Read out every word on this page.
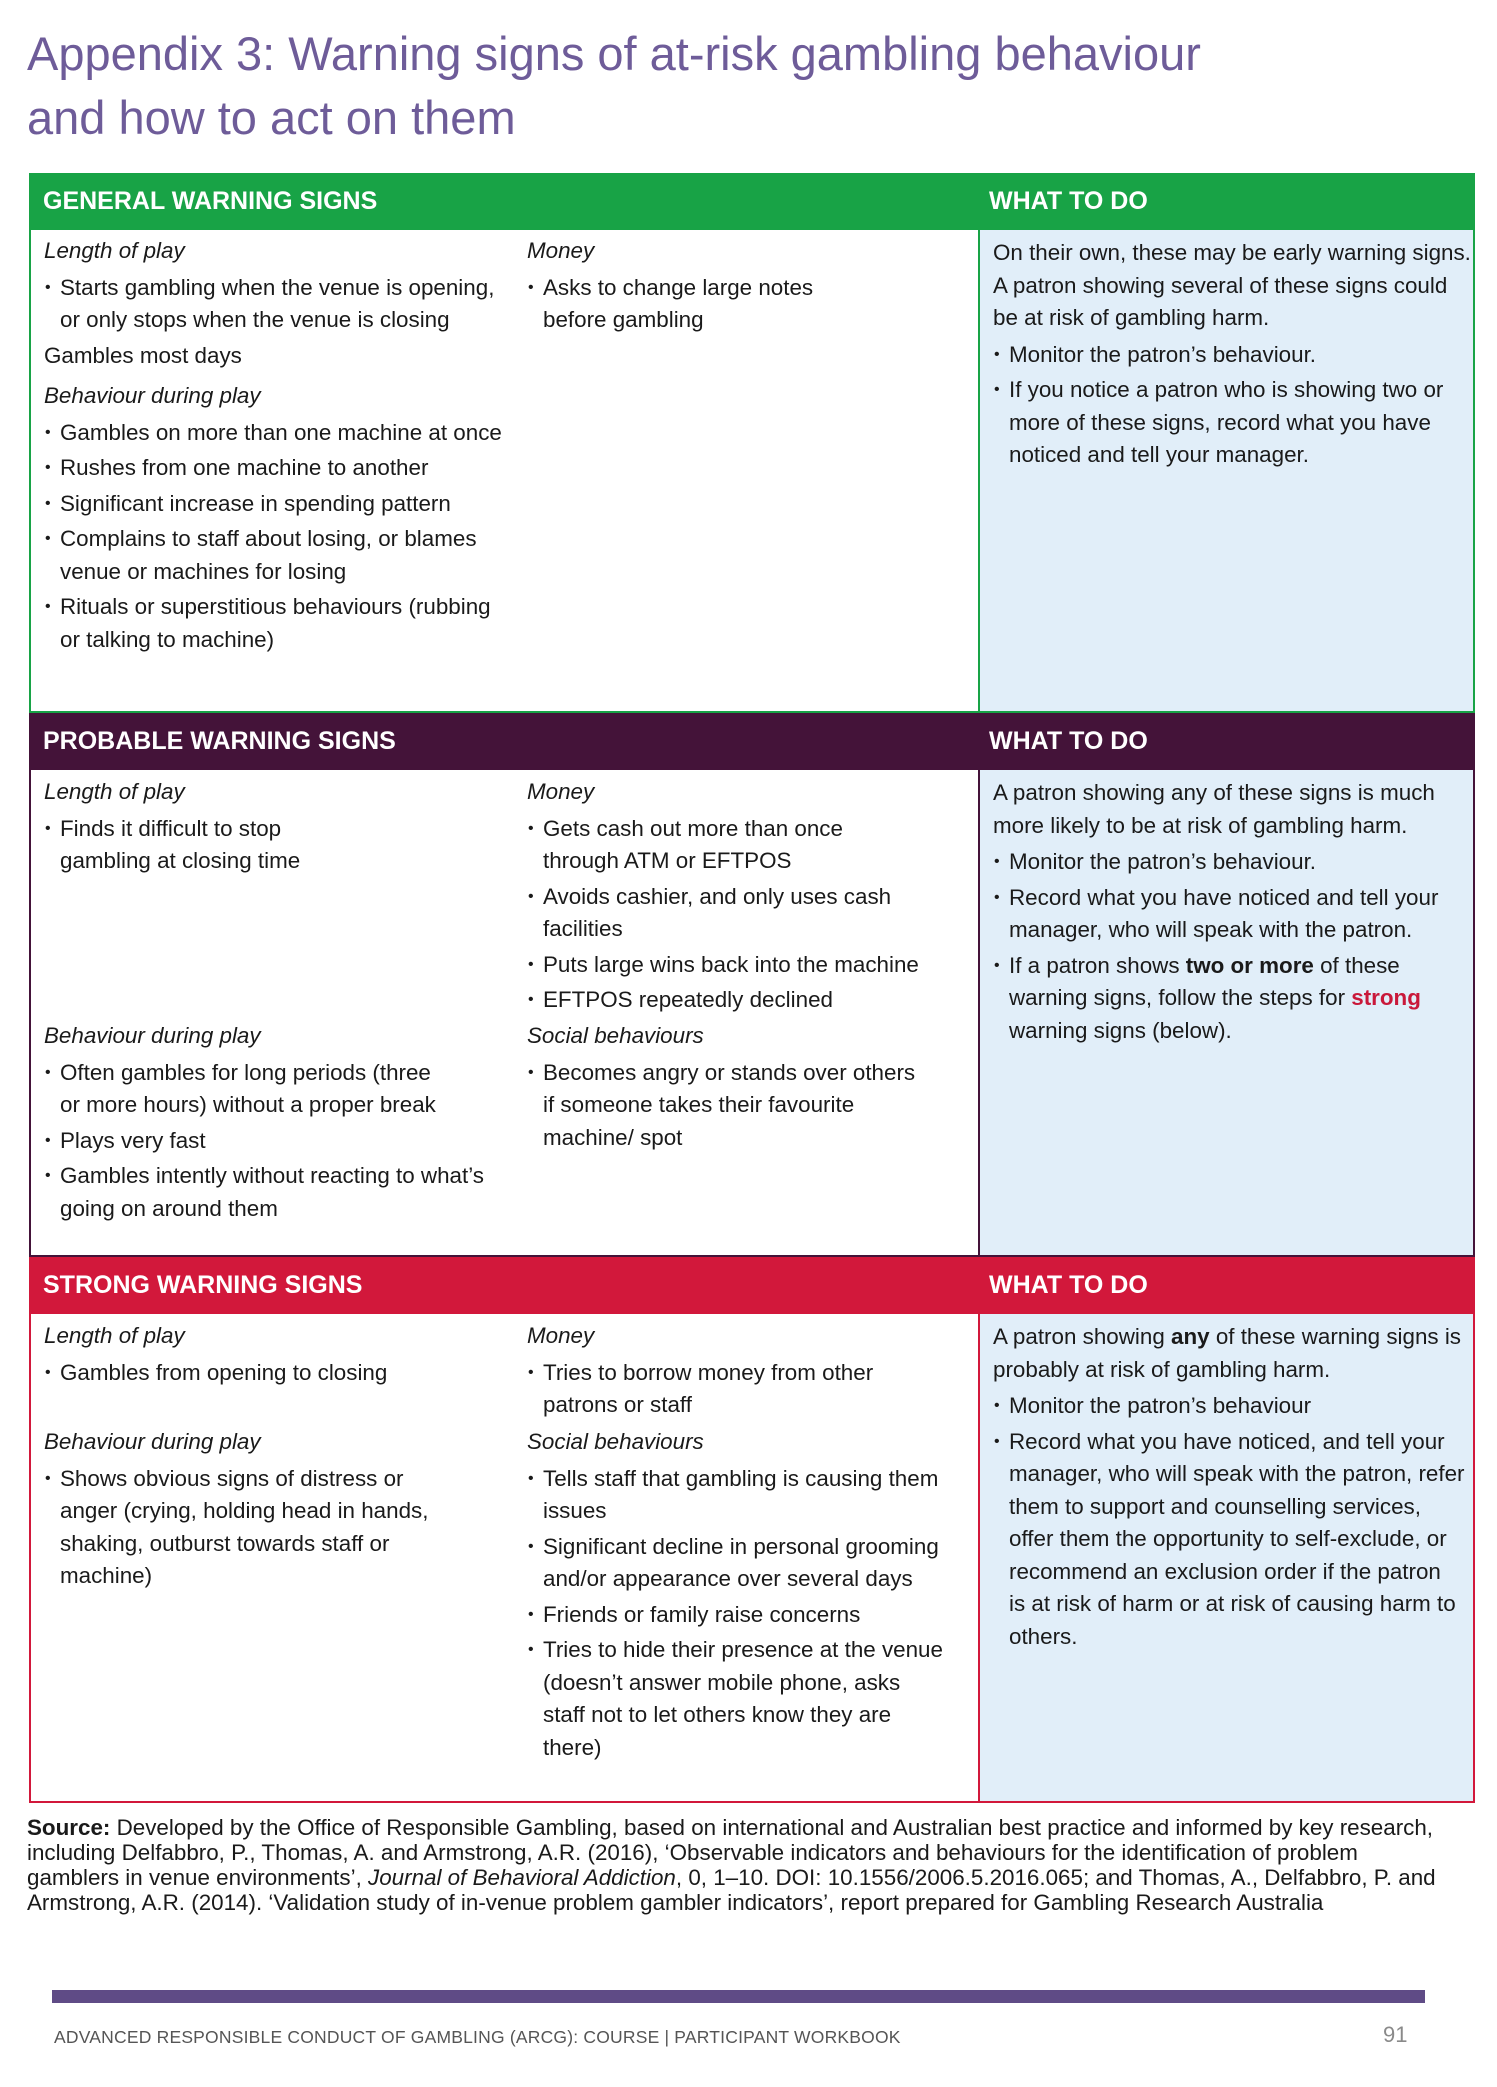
Appendix 3: Warning signs of at-risk gambling behaviour
and how to act on them
GENERAL WARNING SIGNS	WHAT TO DO
Length of play
• Starts gambling when the venue is opening, or only stops when the venue is closing
Gambles most days
Behaviour during play
• Gambles on more than one machine at once
• Rushes from one machine to another
• Significant increase in spending pattern
• Complains to staff about losing, or blames venue or machines for losing
• Rituals or superstitious behaviours (rubbing or talking to machine)
Money
• Asks to change large notes before gambling
On their own, these may be early warning signs. A patron showing several of these signs could be at risk of gambling harm.
• Monitor the patron’s behaviour.
• If you notice a patron who is showing two or more of these signs, record what you have noticed and tell your manager.
PROBABLE WARNING SIGNS	WHAT TO DO
Length of play
• Finds it difficult to stop gambling at closing time
Behaviour during play
• Often gambles for long periods (three or more hours) without a proper break
• Plays very fast
• Gambles intently without reacting to what’s going on around them
Money
• Gets cash out more than once through ATM or EFTPOS
• Avoids cashier, and only uses cash facilities
• Puts large wins back into the machine
• EFTPOS repeatedly declined
Social behaviours
• Becomes angry or stands over others if someone takes their favourite machine/ spot
A patron showing any of these signs is much more likely to be at risk of gambling harm.
• Monitor the patron’s behaviour.
• Record what you have noticed and tell your manager, who will speak with the patron.
• If a patron shows two or more of these warning signs, follow the steps for strong warning signs (below).
STRONG WARNING SIGNS	WHAT TO DO
Length of play
• Gambles from opening to closing
Behaviour during play
• Shows obvious signs of distress or anger (crying, holding head in hands, shaking, outburst towards staff or machine)
Money
• Tries to borrow money from other patrons or staff
Social behaviours
• Tells staff that gambling is causing them issues
• Significant decline in personal grooming and/or appearance over several days
• Friends or family raise concerns
• Tries to hide their presence at the venue (doesn’t answer mobile phone, asks staff not to let others know they are there)
A patron showing any of these warning signs is probably at risk of gambling harm.
• Monitor the patron’s behaviour
• Record what you have noticed, and tell your manager, who will speak with the patron, refer them to support and counselling services, offer them the opportunity to self-exclude, or recommend an exclusion order if the patron
is at risk of harm or at risk of causing harm to others.
Source: Developed by the Office of Responsible Gambling, based on international and Australian best practice and informed by key research, including Delfabbro, P., Thomas, A. and Armstrong, A.R. (2016), ‘Observable indicators and behaviours for the identification of problem gamblers in venue environments’, Journal of Behavioral Addiction, 0, 1–10. DOI: 10.1556/2006.5.2016.065; and Thomas, A., Delfabbro, P. and Armstrong, A.R. (2014). ‘Validation study of in-venue problem gambler indicators’, report prepared for Gambling Research Australia
ADVANCED RESPONSIBLE CONDUCT OF GAMBLING (ARCG): COURSE | PARTICIPANT WORKBOOK	91
